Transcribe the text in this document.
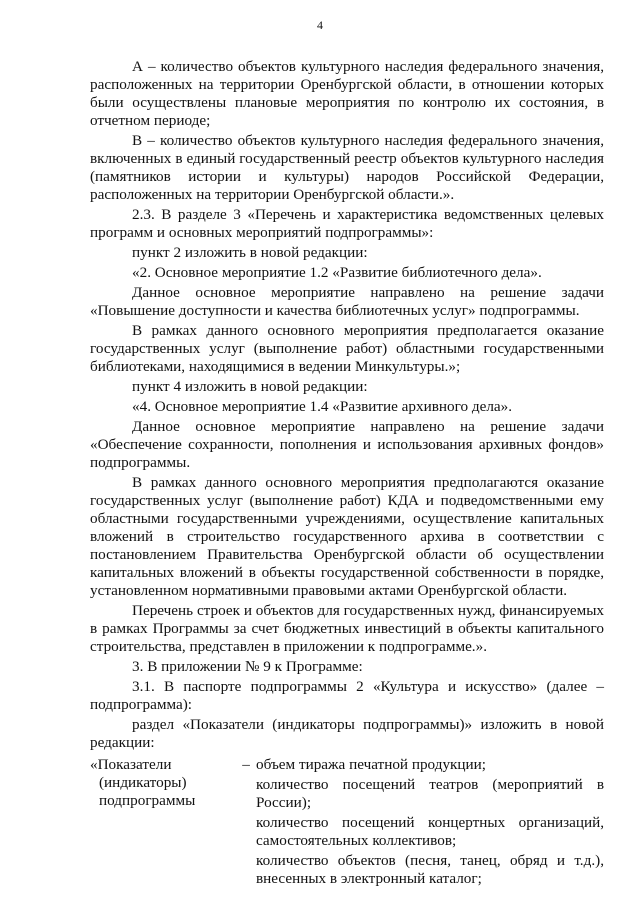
4

А – количество объектов культурного наследия федерального значения, расположенных на территории Оренбургской области, в отношении которых были осуществлены плановые мероприятия по контролю их состояния, в отчетном периоде;

В – количество объектов культурного наследия федерального значения, включенных в единый государственный реестр объектов культурного наследия (памятников истории и культуры) народов Российской Федерации, расположенных на территории Оренбургской области.».

2.3. В разделе 3 «Перечень и характеристика ведомственных целевых программ и основных мероприятий подпрограммы»:

пункт 2 изложить в новой редакции:

«2. Основное мероприятие 1.2 «Развитие библиотечного дела».

Данное основное мероприятие направлено на решение задачи «Повышение доступности и качества библиотечных услуг» подпрограммы.

В рамках данного основного мероприятия предполагается оказание государственных услуг (выполнение работ) областными государственными библиотеками, находящимися в ведении Минкультуры.»;

пункт 4 изложить в новой редакции:

«4. Основное мероприятие 1.4 «Развитие архивного дела».

Данное основное мероприятие направлено на решение задачи «Обеспечение сохранности, пополнения и использования архивных фондов» подпрограммы.

В рамках данного основного мероприятия предполагаются оказание государственных услуг (выполнение работ) КДА и подведомственными ему областными государственными учреждениями, осуществление капитальных вложений в строительство государственного архива в соответствии с постановлением Правительства Оренбургской области об осуществлении капитальных вложений в объекты государственной собственности в порядке, установленном нормативными правовыми актами Оренбургской области.

Перечень строек и объектов для государственных нужд, финансируемых в рамках Программы за счет бюджетных инвестиций в объекты капитального строительства, представлен в приложении к подпрограмме.».

3. В приложении № 9 к Программе:

3.1. В паспорте подпрограммы 2 «Культура и искусство» (далее – подпрограмма):

раздел «Показатели (индикаторы подпрограммы)» изложить в новой редакции:

«Показатели
(индикаторы)
подпрограммы
– объем тиража печатной продукции;

количество посещений театров (мероприятий в России);

количество посещений концертных организаций, самостоятельных коллективов;

количество объектов (песня, танец, обряд и т.д.), внесенных в электронный каталог;
